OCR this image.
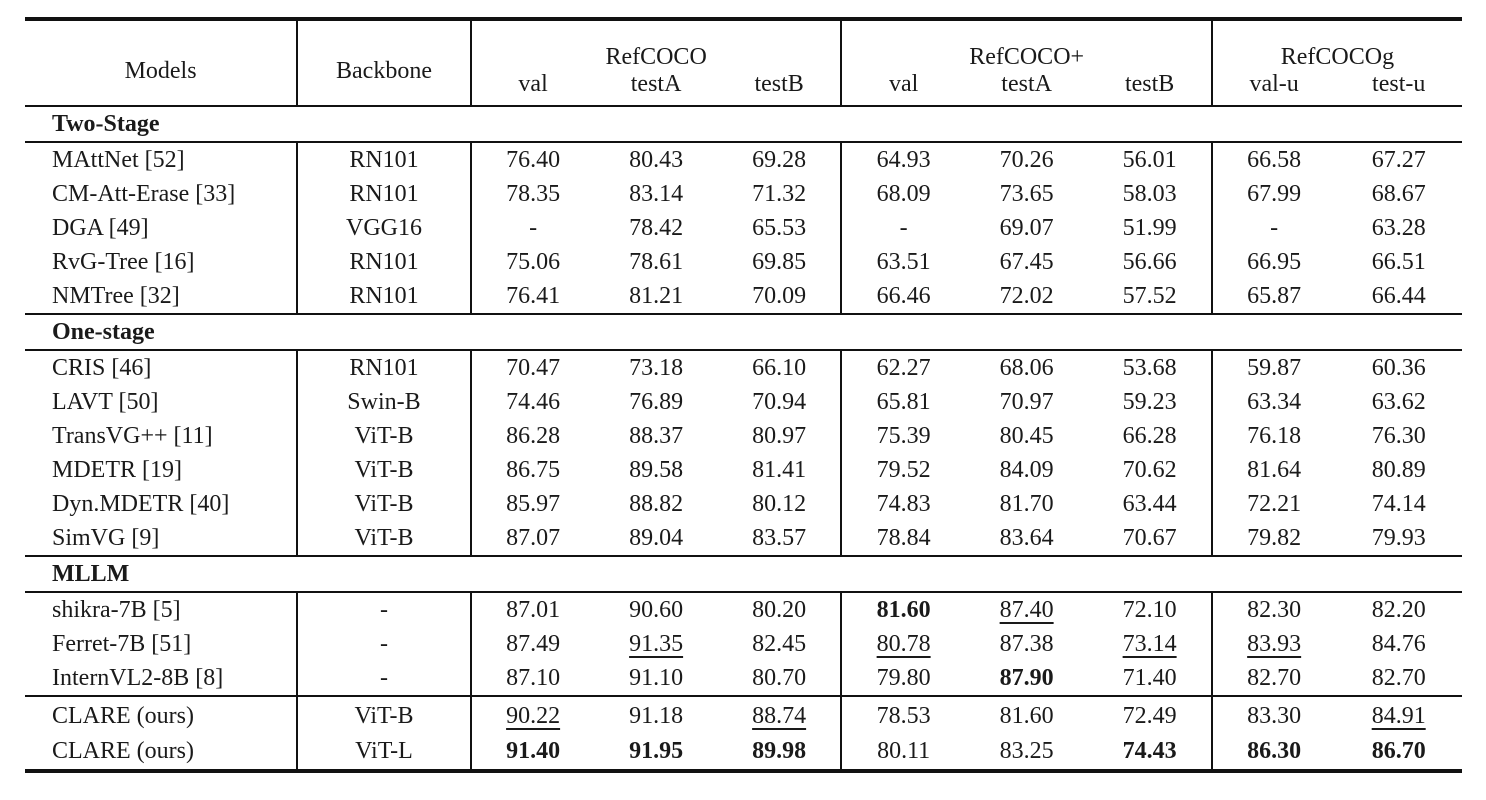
Models	Backbone	RefCOCO			RefCOCO+			RefCOCOg	
		val	testA	testB	val	testA	testB	val-u	test-u
Two-Stage									
MAttNet [52]	RN101	76.40	80.43	69.28	64.93	70.26	56.01	66.58	67.27
CM-Att-Erase [33]	RN101	78.35	83.14	71.32	68.09	73.65	58.03	67.99	68.67
DGA [49]	VGG16	-	78.42	65.53	-	69.07	51.99	-	63.28
RvG-Tree [16]	RN101	75.06	78.61	69.85	63.51	67.45	56.66	66.95	66.51
NMTree [32]	RN101	76.41	81.21	70.09	66.46	72.02	57.52	65.87	66.44
One-stage									
CRIS [46]	RN101	70.47	73.18	66.10	62.27	68.06	53.68	59.87	60.36
LAVT [50]	Swin-B	74.46	76.89	70.94	65.81	70.97	59.23	63.34	63.62
TransVG++ [11]	ViT-B	86.28	88.37	80.97	75.39	80.45	66.28	76.18	76.30
MDETR [19]	ViT-B	86.75	89.58	81.41	79.52	84.09	70.62	81.64	80.89
Dyn.MDETR [40]	ViT-B	85.97	88.82	80.12	74.83	81.70	63.44	72.21	74.14
SimVG [9]	ViT-B	87.07	89.04	83.57	78.84	83.64	70.67	79.82	79.93
MLLM									
shikra-7B [5]	-	87.01	90.60	80.20	81.60	87.40	72.10	82.30	82.20
Ferret-7B [51]	-	87.49	91.35	82.45	80.78	87.38	73.14	83.93	84.76
InternVL2-8B [8]	-	87.10	91.10	80.70	79.80	87.90	71.40	82.70	82.70
CLARE (ours)	ViT-B	90.22	91.18	88.74	78.53	81.60	72.49	83.30	84.91
CLARE (ours)	ViT-L	91.40	91.95	89.98	80.11	83.25	74.43	86.30	86.70
